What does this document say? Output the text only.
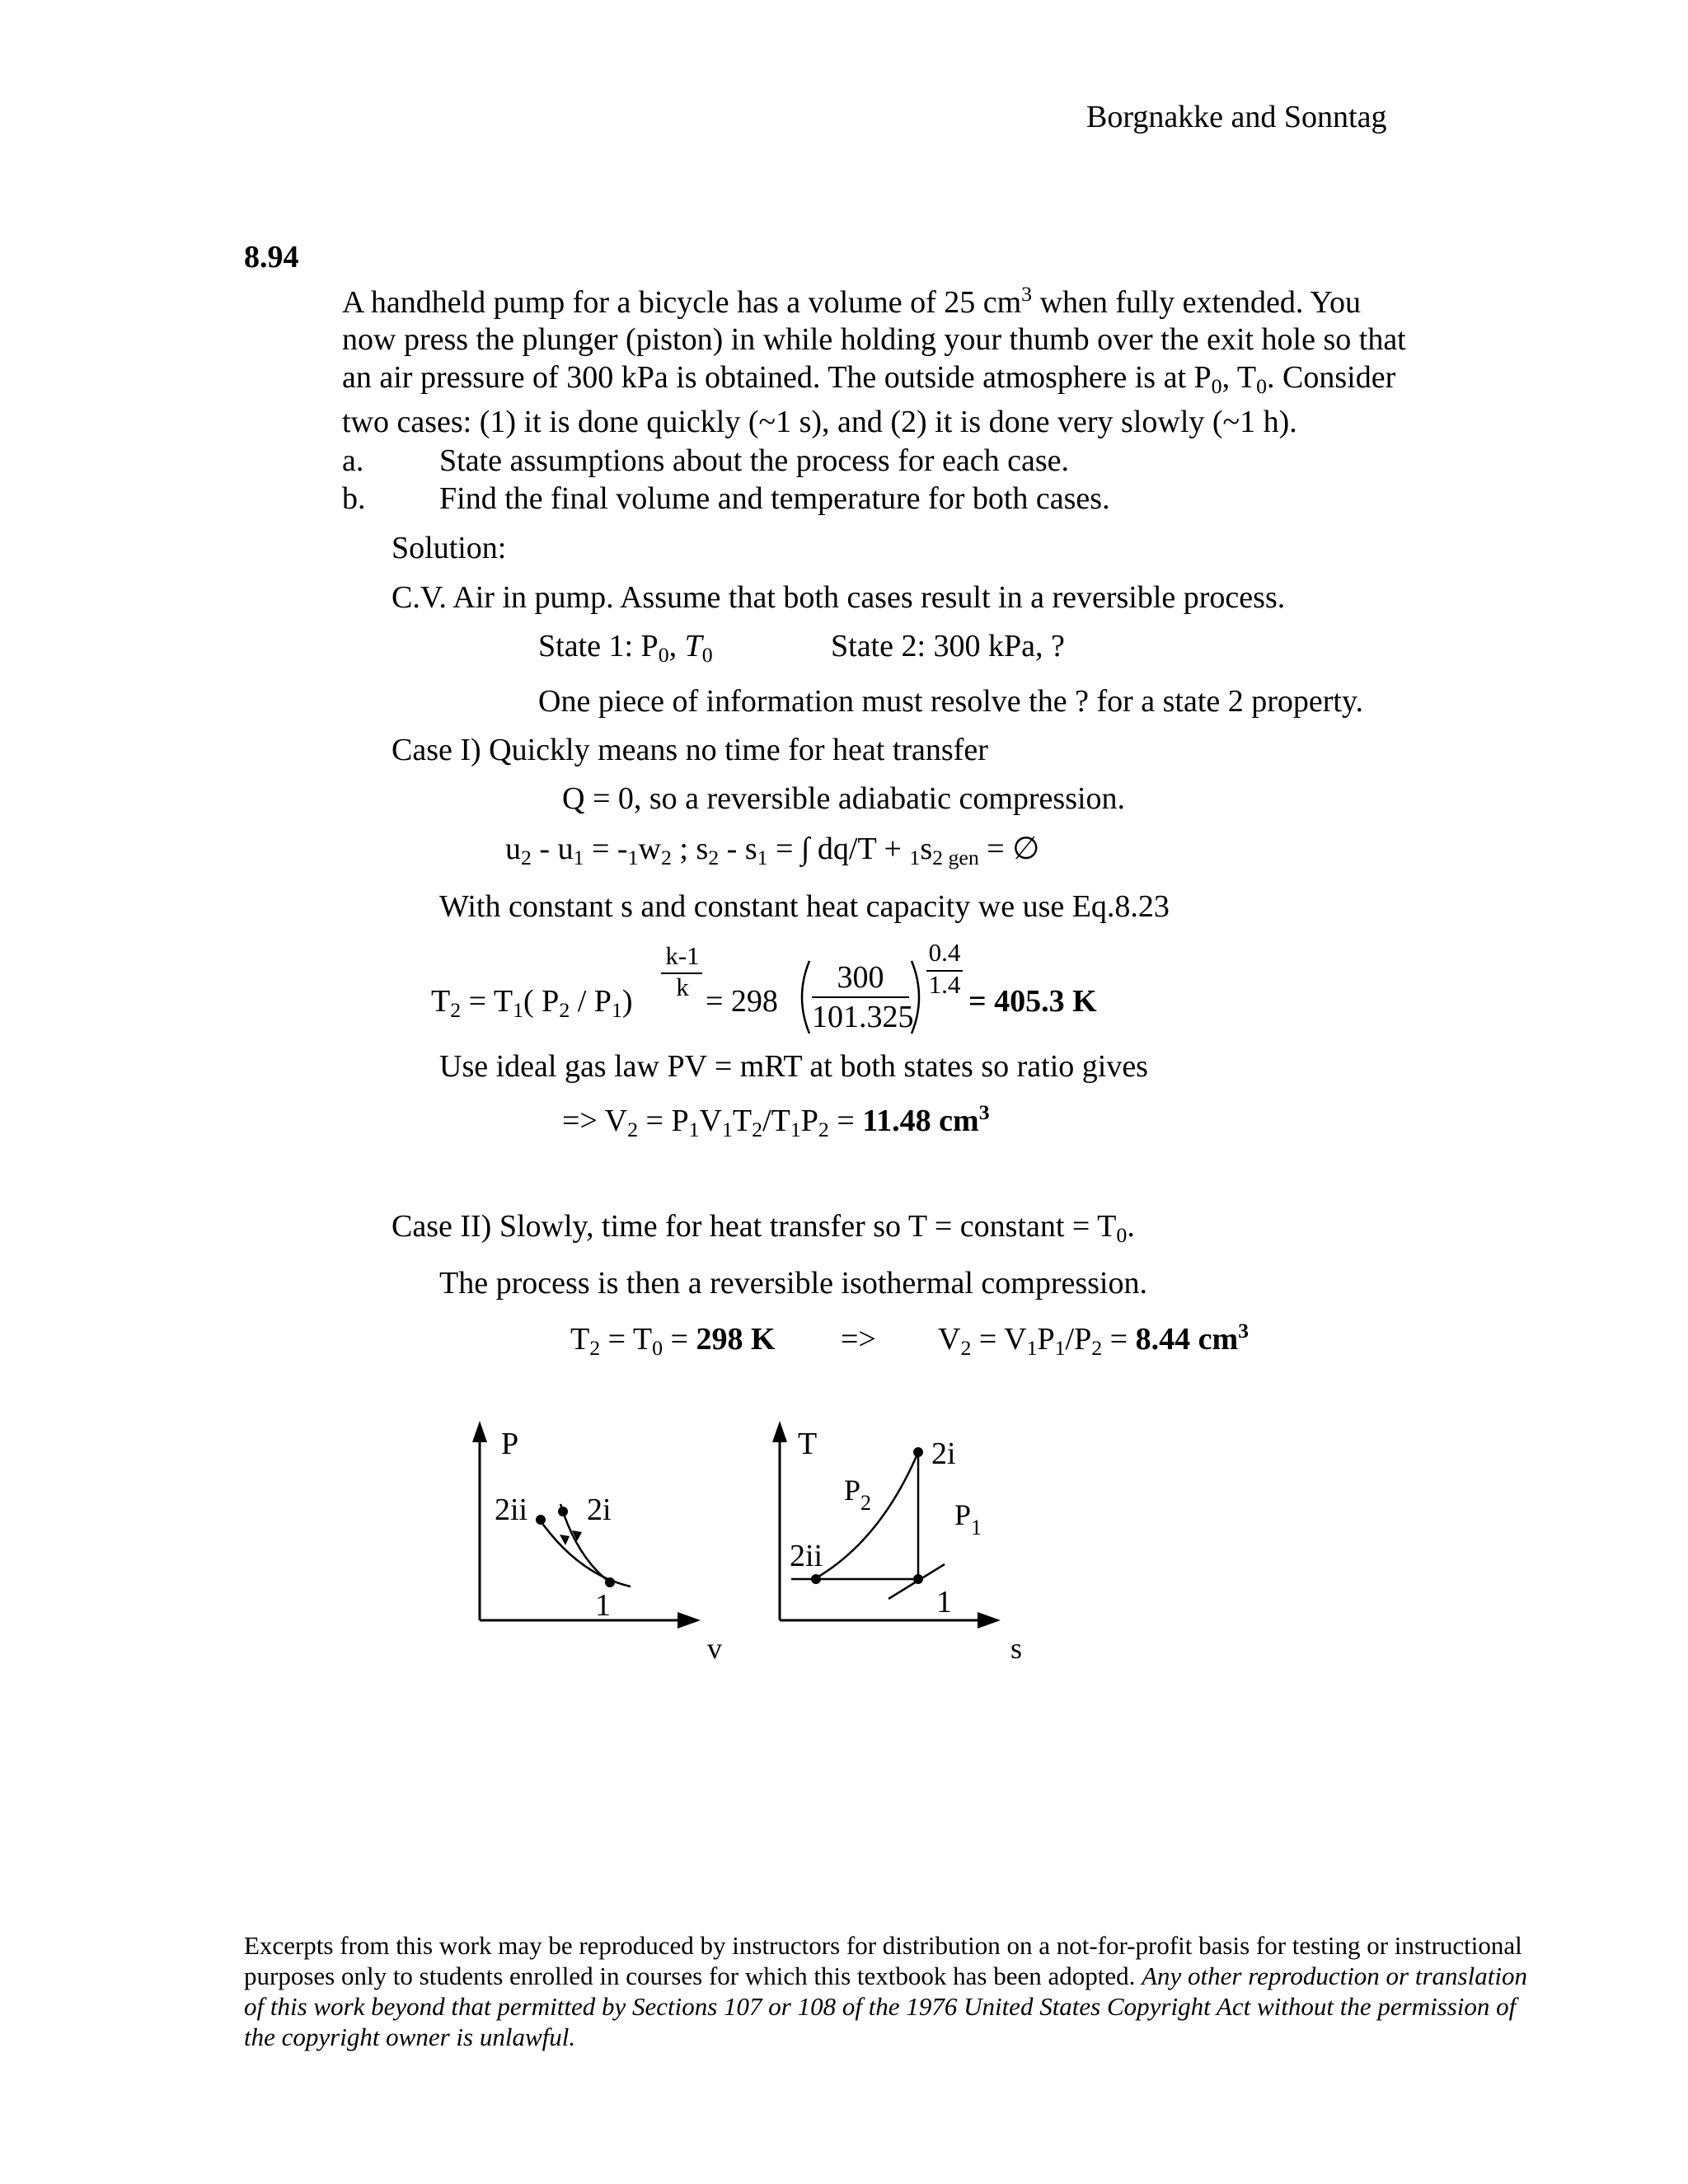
Borgnakke and Sonntag
8.94
A handheld pump for a bicycle has a volume of 25 $cm^3$ when fully extended. You
now press the plunger (piston) in while holding your thumb over the exit hole so that
an air pressure of 300 kPa is obtained. The outside atmosphere is at $P_0$, $T_0$. Consider
two cases: (1) it is done quickly (~1 s), and (2) it is done very slowly (~1 h).
a. State assumptions about the process for each case.
b. Find the final volume and temperature for both cases.
Solution:
C.V. Air in pump. Assume that both cases result in a reversible process.
State 1: $P_0$, $T_0$	State 2: 300 kPa, ?
One piece of information must resolve the ? for a state 2 property.
Case I) Quickly means no time for heat transfer
Q = 0, so a reversible adiabatic compression.
$u_2 - u_1 = -_1w_2$ ; $s_2 - s_1$ = ∫ $dq/T + _1s_{2 gen}$ = ∅
With constant s and constant heat capacity we use Eq.8.23
$T_2 = T_1$( $P_2 / P_1$)
k-1
k = 298
300
101.325
0.4
1.4 = 405.3 K
Use ideal gas law PV = mRT at both states so ratio gives
=> $V_2 = P_1V_1T_2/T_1P_2 = 11.48$ $cm^3$
Case II) Slowly, time for heat transfer so T = constant = $T_0$.
The process is then a reversible isothermal compression.
$T_2 = T_0 = 298$ $K => V_2 = V_1P_1/P_2 = 8.44$ $cm^3$
P
2ii 2i
1
v
T	2i
2ii
1
$P_2$	$P_1$
s
Excerpts from this work may be reproduced by instructors for distribution on a not-for-profit basis for testing or instructional purposes only to students enrolled in courses for which this textbook has been adopted. Any other reproduction or translation of this work beyond that permitted by Sections 107 or 108 of the 1976 United States Copyright Act without the permission of the copyright owner is unlawful.
